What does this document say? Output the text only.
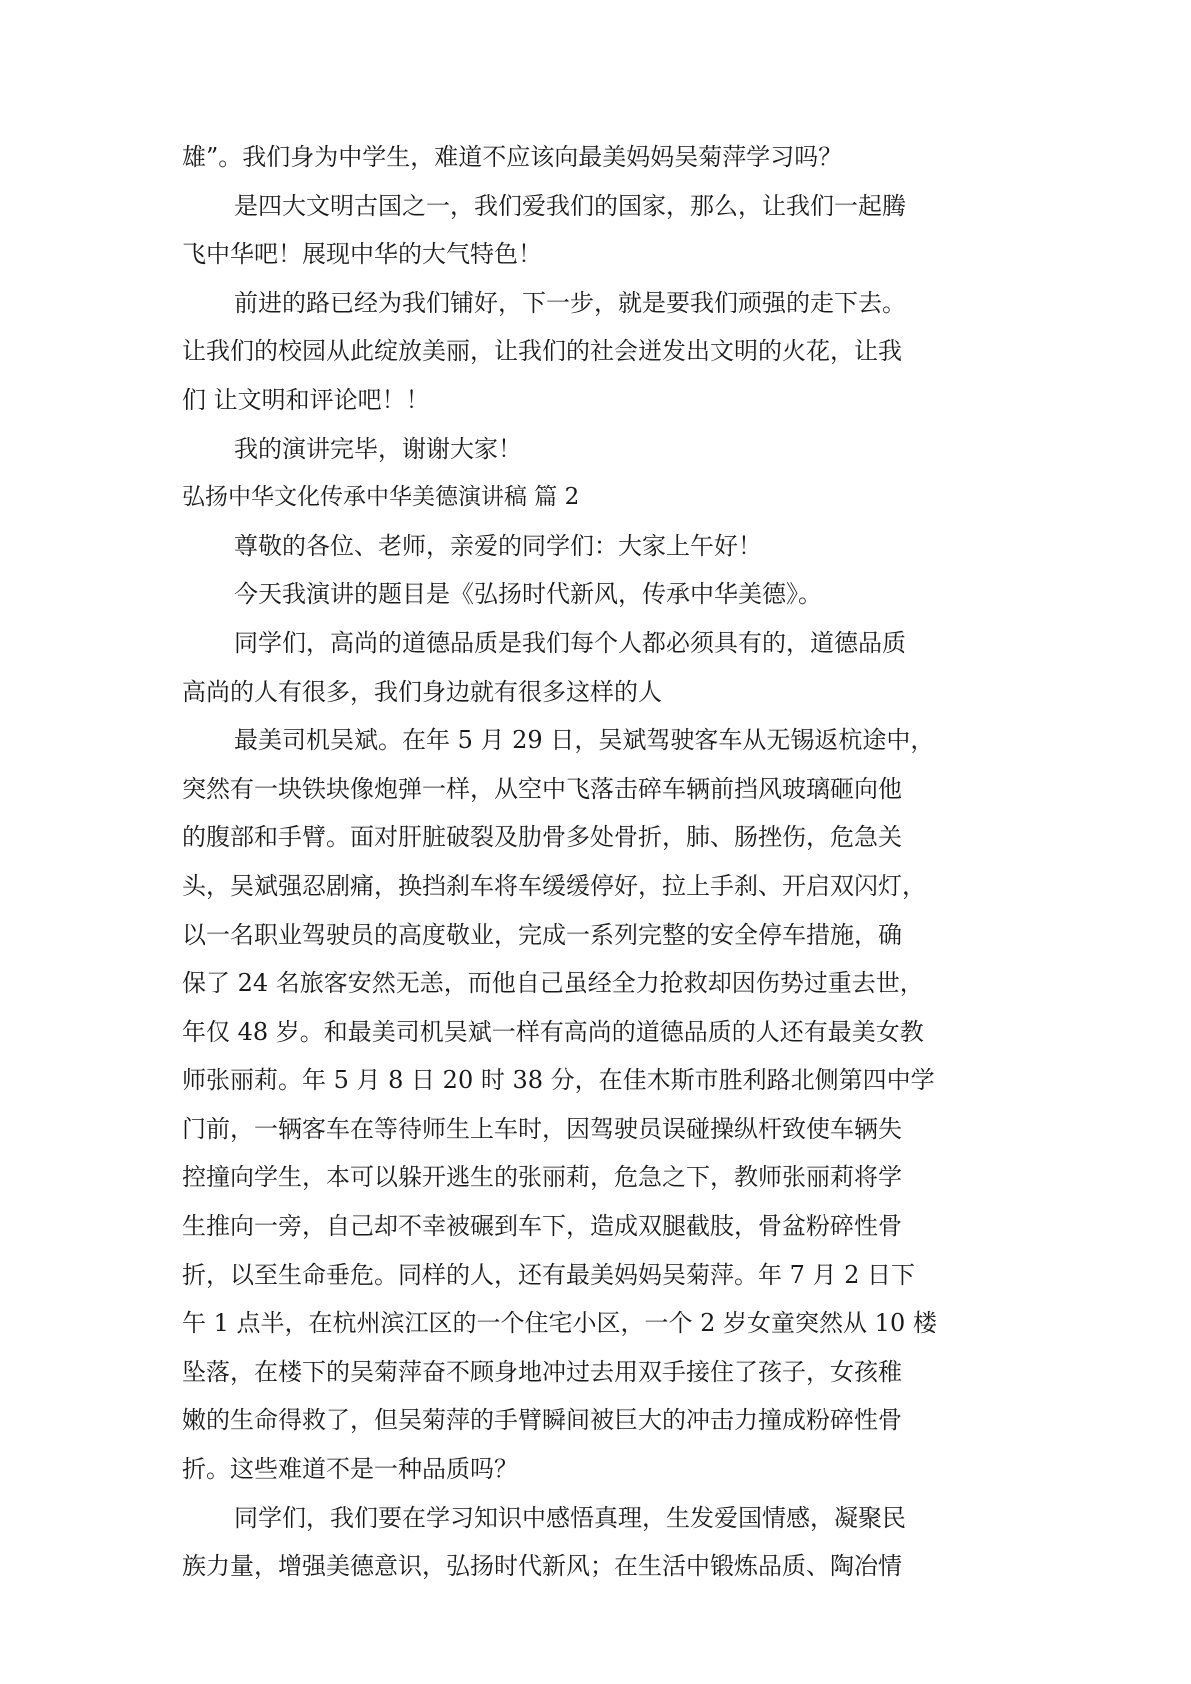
雄”。我们身为中学生，难道不应该向最美妈妈吴菊萍学习吗？

是四大文明古国之一，我们爱我们的国家，那么，让我们一起腾

飞中华吧！展现中华的大气特色！

前进的路已经为我们铺好，下一步，就是要我们顽强的走下去。

让我们的校园从此绽放美丽，让我们的社会迸发出文明的火花，让我

们 让文明和评论吧！！

我的演讲完毕，谢谢大家！

弘扬中华文化传承中华美德演讲稿 篇 2

尊敬的各位、老师，亲爱的同学们：大家上午好！

今天我演讲的题目是《弘扬时代新风，传承中华美德》。

同学们，高尚的道德品质是我们每个人都必须具有的，道德品质

高尚的人有很多，我们身边就有很多这样的人

最美司机吴斌。在年 5 月 29 日，吴斌驾驶客车从无锡返杭途中，

突然有一块铁块像炮弹一样，从空中飞落击碎车辆前挡风玻璃砸向他

的腹部和手臂。面对肝脏破裂及肋骨多处骨折，肺、肠挫伤，危急关

头，吴斌强忍剧痛，换挡刹车将车缓缓停好，拉上手刹、开启双闪灯，

以一名职业驾驶员的高度敬业，完成一系列完整的安全停车措施，确

保了 24 名旅客安然无恙，而他自己虽经全力抢救却因伤势过重去世，

年仅 48 岁。和最美司机吴斌一样有高尚的道德品质的人还有最美女教

师张丽莉。年 5 月 8 日 20 时 38 分，在佳木斯市胜利路北侧第四中学

门前，一辆客车在等待师生上车时，因驾驶员误碰操纵杆致使车辆失

控撞向学生，本可以躲开逃生的张丽莉，危急之下，教师张丽莉将学

生推向一旁，自己却不幸被碾到车下，造成双腿截肢，骨盆粉碎性骨

折，以至生命垂危。同样的人，还有最美妈妈吴菊萍。年 7 月 2 日下

午 1 点半，在杭州滨江区的一个住宅小区，一个 2 岁女童突然从 10 楼

坠落，在楼下的吴菊萍奋不顾身地冲过去用双手接住了孩子，女孩稚

嫩的生命得救了，但吴菊萍的手臂瞬间被巨大的冲击力撞成粉碎性骨

折。这些难道不是一种品质吗？

同学们，我们要在学习知识中感悟真理，生发爱国情感，凝聚民

族力量，增强美德意识，弘扬时代新风；在生活中锻炼品质、陶冶情
